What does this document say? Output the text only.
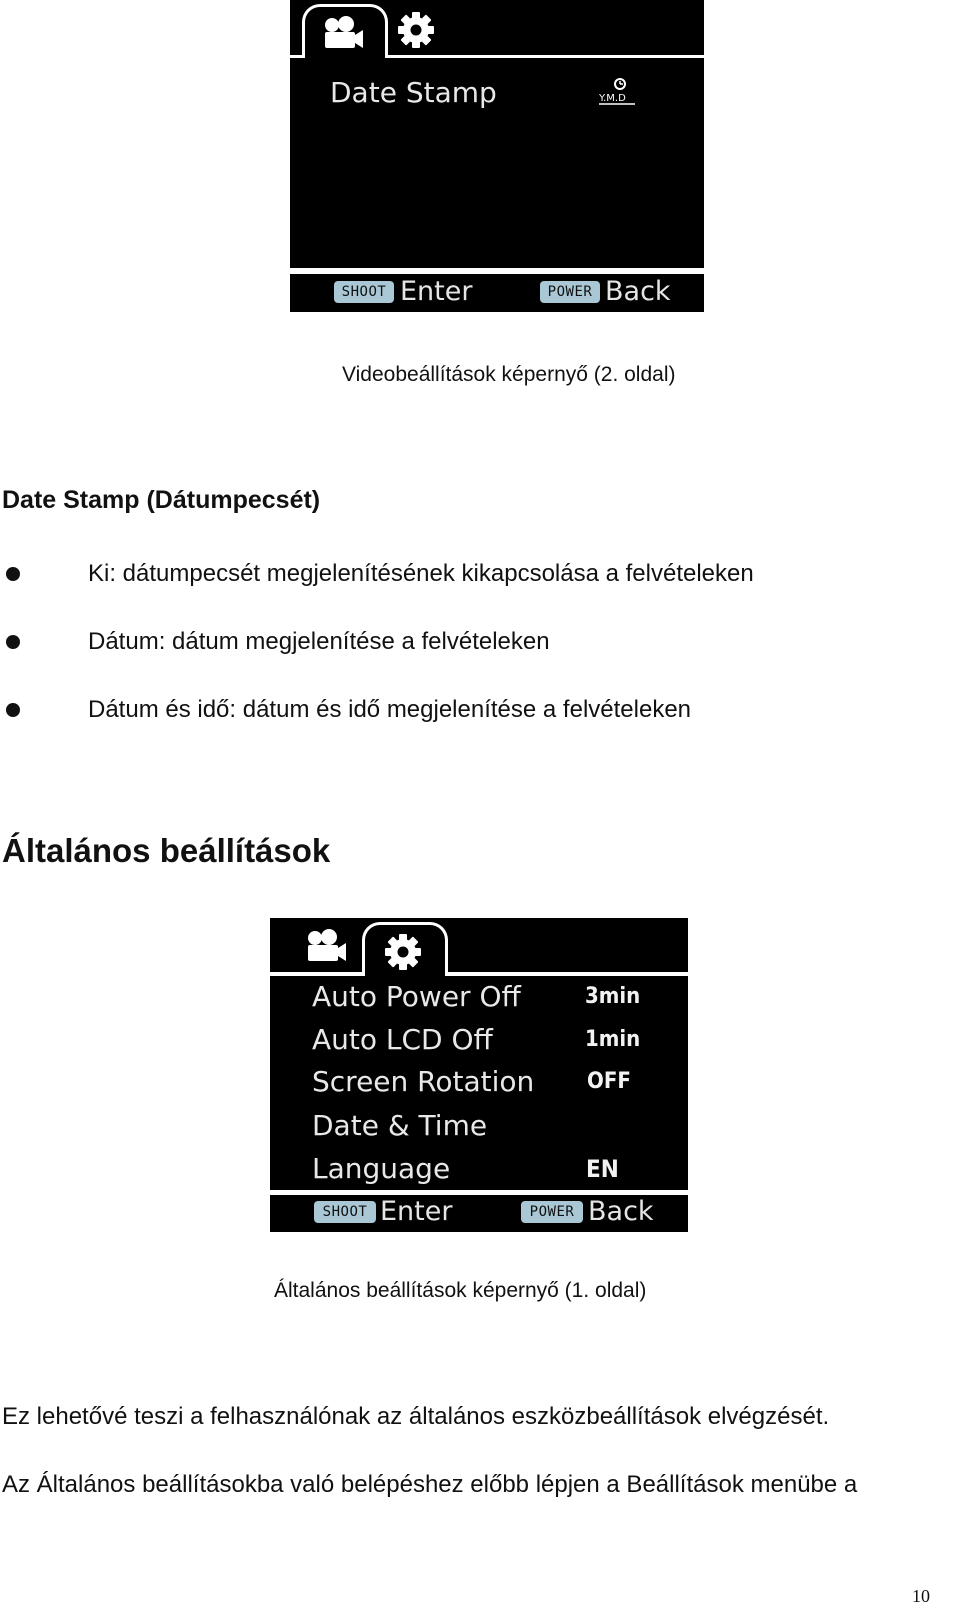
Date Stamp	Y.M.D
SHOOT Enter	POWER Back
Videobeállítások képernyő (2. oldal)
Date Stamp (Dátumpecsét)
Ki: dátumpecsét megjelenítésének kikapcsolása a felvételeken
Dátum: dátum megjelenítése a felvételeken
Dátum és idő: dátum és idő megjelenítése a felvételeken
Általános beállítások
Auto Power Off	3min
Auto LCD Off	1min
Screen Rotation OFF
Date & Time
Language	EN
SHOOT Enter	POWER Back
Általános beállítások képernyő (1. oldal)
Ez lehetővé teszi a felhasználónak az általános eszközbeállítások elvégzését.
Az Általános beállításokba való belépéshez előbb lépjen a Beállítások menübe a
10
